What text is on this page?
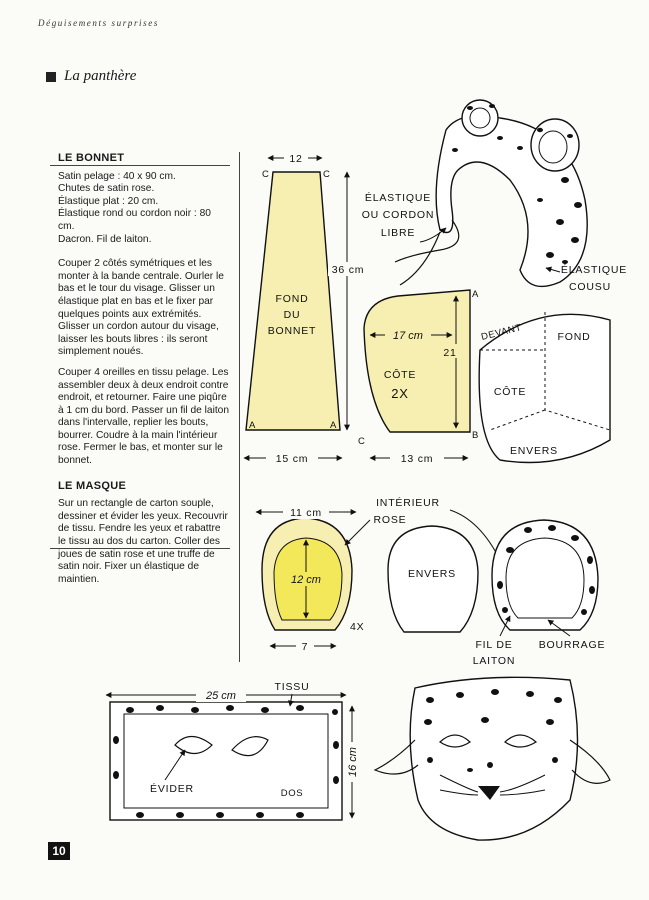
Déguisements surprises
La panthère
LE BONNET

Satin pelage : 40 x 90 cm.
Chutes de satin rose.
Élastique plat : 20 cm.
Élastique rond ou cordon noir : 80 cm.
Dacron. Fil de laiton.

Couper 2 côtés symétriques et les monter à la bande centrale. Ourler le bas et le tour du visage. Glisser un élastique plat en bas et le fixer par quelques points aux extrémités. Glisser un cordon autour du visage, laisser les bouts libres : ils seront simplement noués.

Couper 4 oreilles en tissu pelage. Les assembler deux à deux endroit contre endroit, et retourner. Faire une piqûre à 1 cm du bord. Passer un fil de laiton dans l'intervalle, replier les bouts, bourrer. Coudre à la main l'intérieur rose. Fermer le bas, et monter sur le bonnet.

LE MASQUE

Sur un rectangle de carton souple, dessiner et évider les yeux. Recouvrir de tissu. Fendre les yeux et rabattre le tissu au dos du carton. Coller des joues de satin rose et une truffe de satin noir. Fixer un élastique de maintien.

12
36 cm
15 cm
FOND
DU
BONNET
C	C
A	A
21
17 cm
CÔTE
2X
13 cm
A
B
C
ÉLASTIQUE
OU CORDON
LIBRE
ÉLASTIQUE
COUSU
DEVANT	FOND
CÔTE
ENVERS
11 cm
12 cm
7
4X
INTÉRIEUR
ROSE
ENVERS
FIL DE
LAITON
BOURRAGE
25 cm
16 cm
TISSU
ÉVIDER	DOS
10
